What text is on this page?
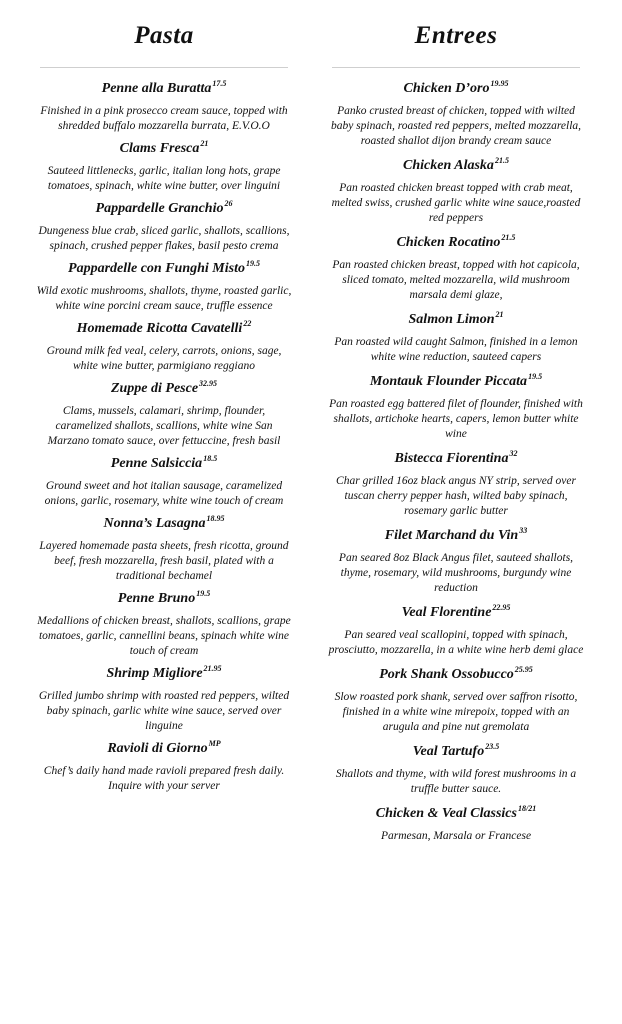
Pasta
Penne alla Buratta$^{17.5}$
Finished in a pink prosecco cream sauce, topped with shredded buffalo mozzarella burrata, E.V.O.O
Clams Fresca$^{21}$
Sauteed littlenecks, garlic, italian long hots, grape tomatoes, spinach, white wine butter, over linguini
Pappardelle Granchio$^{26}$
Dungeness blue crab, sliced garlic, shallots, scallions, spinach, crushed pepper flakes, basil pesto crema
Pappardelle con Funghi Misto$^{19.5}$
Wild exotic mushrooms, shallots, thyme, roasted garlic, white wine porcini cream sauce, truffle essence
Homemade Ricotta Cavatelli$^{22}$
Ground milk fed veal, celery, carrots, onions, sage, white wine butter, parmigiano reggiano
Zuppe di Pesce$^{32.95}$
Clams, mussels, calamari, shrimp, flounder, caramelized shallots, scallions, white wine San Marzano tomato sauce, over fettuccine, fresh basil
Penne Salsiccia$^{18.5}$
Ground sweet and hot italian sausage, caramelized onions, garlic, rosemary, white wine touch of cream
Nonna’s Lasagna$^{18.95}$
Layered homemade pasta sheets, fresh ricotta, ground beef, fresh mozzarella, fresh basil, plated with a traditional bechamel
Penne Bruno$^{19.5}$
Medallions of chicken breast, shallots, scallions, grape tomatoes, garlic, cannellini beans, spinach white wine touch of cream
Shrimp Migliore$^{21.95}$
Grilled jumbo shrimp with roasted red peppers, wilted baby spinach, garlic white wine sauce, served over linguine
Ravioli di Giorno$^{MP}$
Chef’s daily hand made ravioli prepared fresh daily. Inquire with your server
Entrees
Chicken D’oro$^{19.95}$
Panko crusted breast of chicken, topped with wilted baby spinach, roasted red peppers, melted mozzarella, roasted shallot dijon brandy cream sauce
Chicken Alaska$^{21.5}$
Pan roasted chicken breast topped with crab meat, melted swiss, crushed garlic white wine sauce,roasted red peppers
Chicken Rocatino$^{21.5}$
Pan roasted chicken breast, topped with hot capicola, sliced tomato, melted mozzarella, wild mushroom marsala demi glaze,
Salmon Limon$^{21}$
Pan roasted wild caught Salmon, finished in a lemon white wine reduction, sauteed capers
Montauk Flounder Piccata$^{19.5}$
Pan roasted egg battered filet of flounder, finished with shallots, artichoke hearts, capers, lemon butter white wine
Bistecca Fiorentina$^{32}$
Char grilled 16oz black angus NY strip, served over tuscan cherry pepper hash, wilted baby spinach, rosemary garlic butter
Filet Marchand du Vin$^{33}$
Pan seared 8oz Black Angus filet, sauteed shallots, thyme, rosemary, wild mushrooms, burgundy wine reduction
Veal Florentine$^{22.95}$
Pan seared veal scallopini, topped with spinach, prosciutto, mozzarella, in a white wine herb demi glace
Pork Shank Ossobucco$^{25.95}$
Slow roasted pork shank, served over saffron risotto, finished in a white wine mirepoix, topped with an arugula and pine nut gremolata
Veal Tartufo$^{23.5}$
Shallots and thyme, with wild forest mushrooms in a truffle butter sauce.
Chicken & Veal Classics$^{18/21}$
Parmesan, Marsala or Francese
